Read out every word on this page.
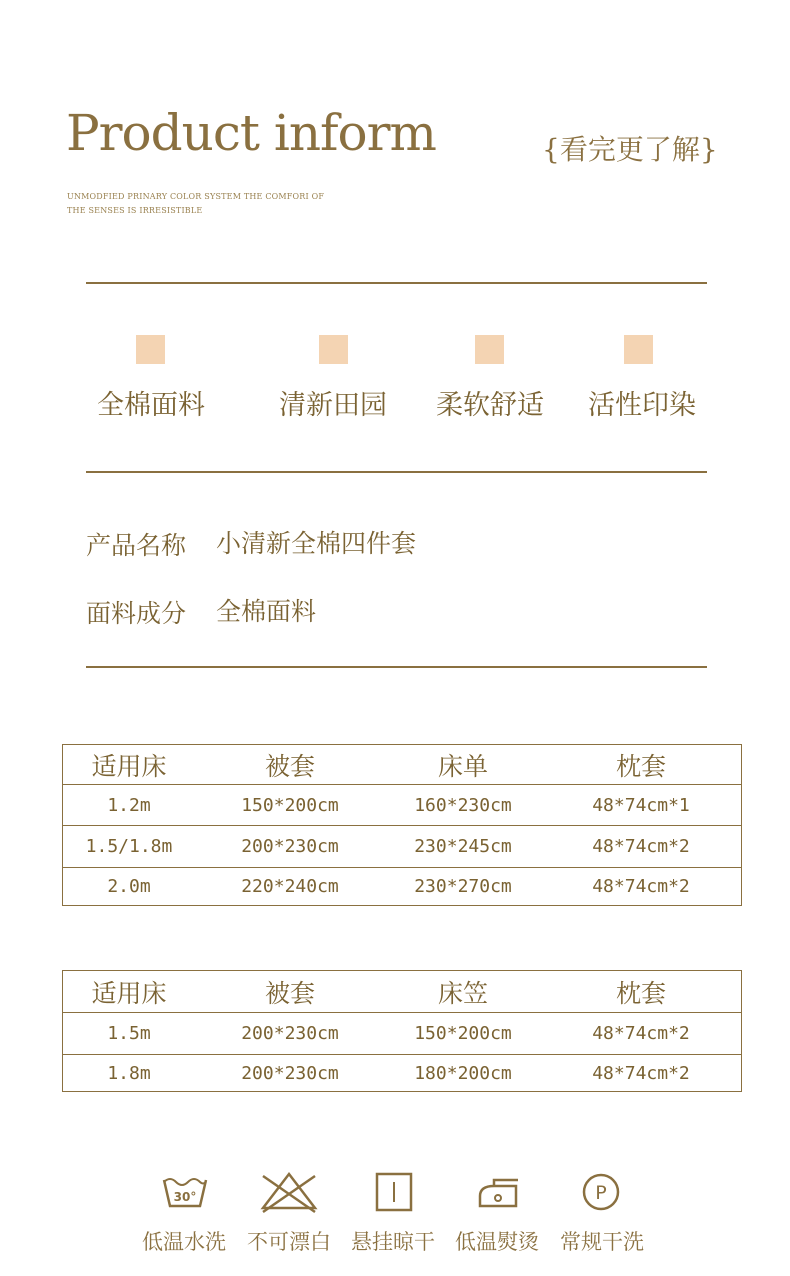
Product inform	{看完更了解}
UNMODFIED PRINARY COLOR SYSTEM THE COMFORI OF
THE SENSES IS IRRESISTIBLE
全棉面料	清新田园	柔软舒适	活性印染
产品名称 小清新全棉四件套
面料成分 全棉面料
适用床	被套	床单	枕套
1.2m	150*200cm	160*230cm	48*74cm*1
1.5/1.8m	200*230cm	230*245cm	48*74cm*2
2.0m	220*240cm	230*270cm	48*74cm*2
适用床	被套	床笠	枕套
1.5m	200*230cm	150*200cm	48*74cm*2
1.8m	200*230cm	180*200cm	48*74cm*2
30°	P
低温水洗	不可漂白 悬挂晾干 低温熨烫	常规干洗
